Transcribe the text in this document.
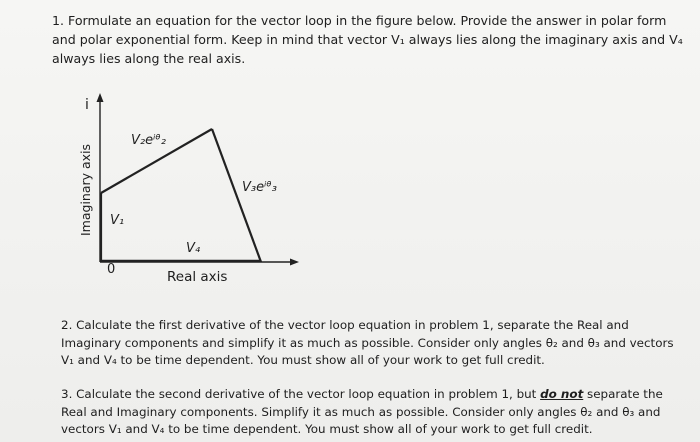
1. Formulate an equation for the vector loop in the figure below. Provide the answer in polar form and polar exponential form. Keep in mind that vector V₁ always lies along the imaginary axis and V₄ always lies along the real axis.
i
Imaginary axis V₁
V₂eⁱᶿ₂
V₃eⁱᶿ₃
V₄
0	Real axis
2. Calculate the first derivative of the vector loop equation in problem 1, separate the Real and Imaginary components and simplify it as much as possible. Consider only angles θ₂ and θ₃ and vectors V₁ and V₄ to be time dependent. You must show all of your work to get full credit.
3. Calculate the second derivative of the vector loop equation in problem 1, but do not separate the Real and Imaginary components. Simplify it as much as possible. Consider only angles θ₂ and θ₃ and vectors V₁ and V₄ to be time dependent. You must show all of your work to get full credit.
